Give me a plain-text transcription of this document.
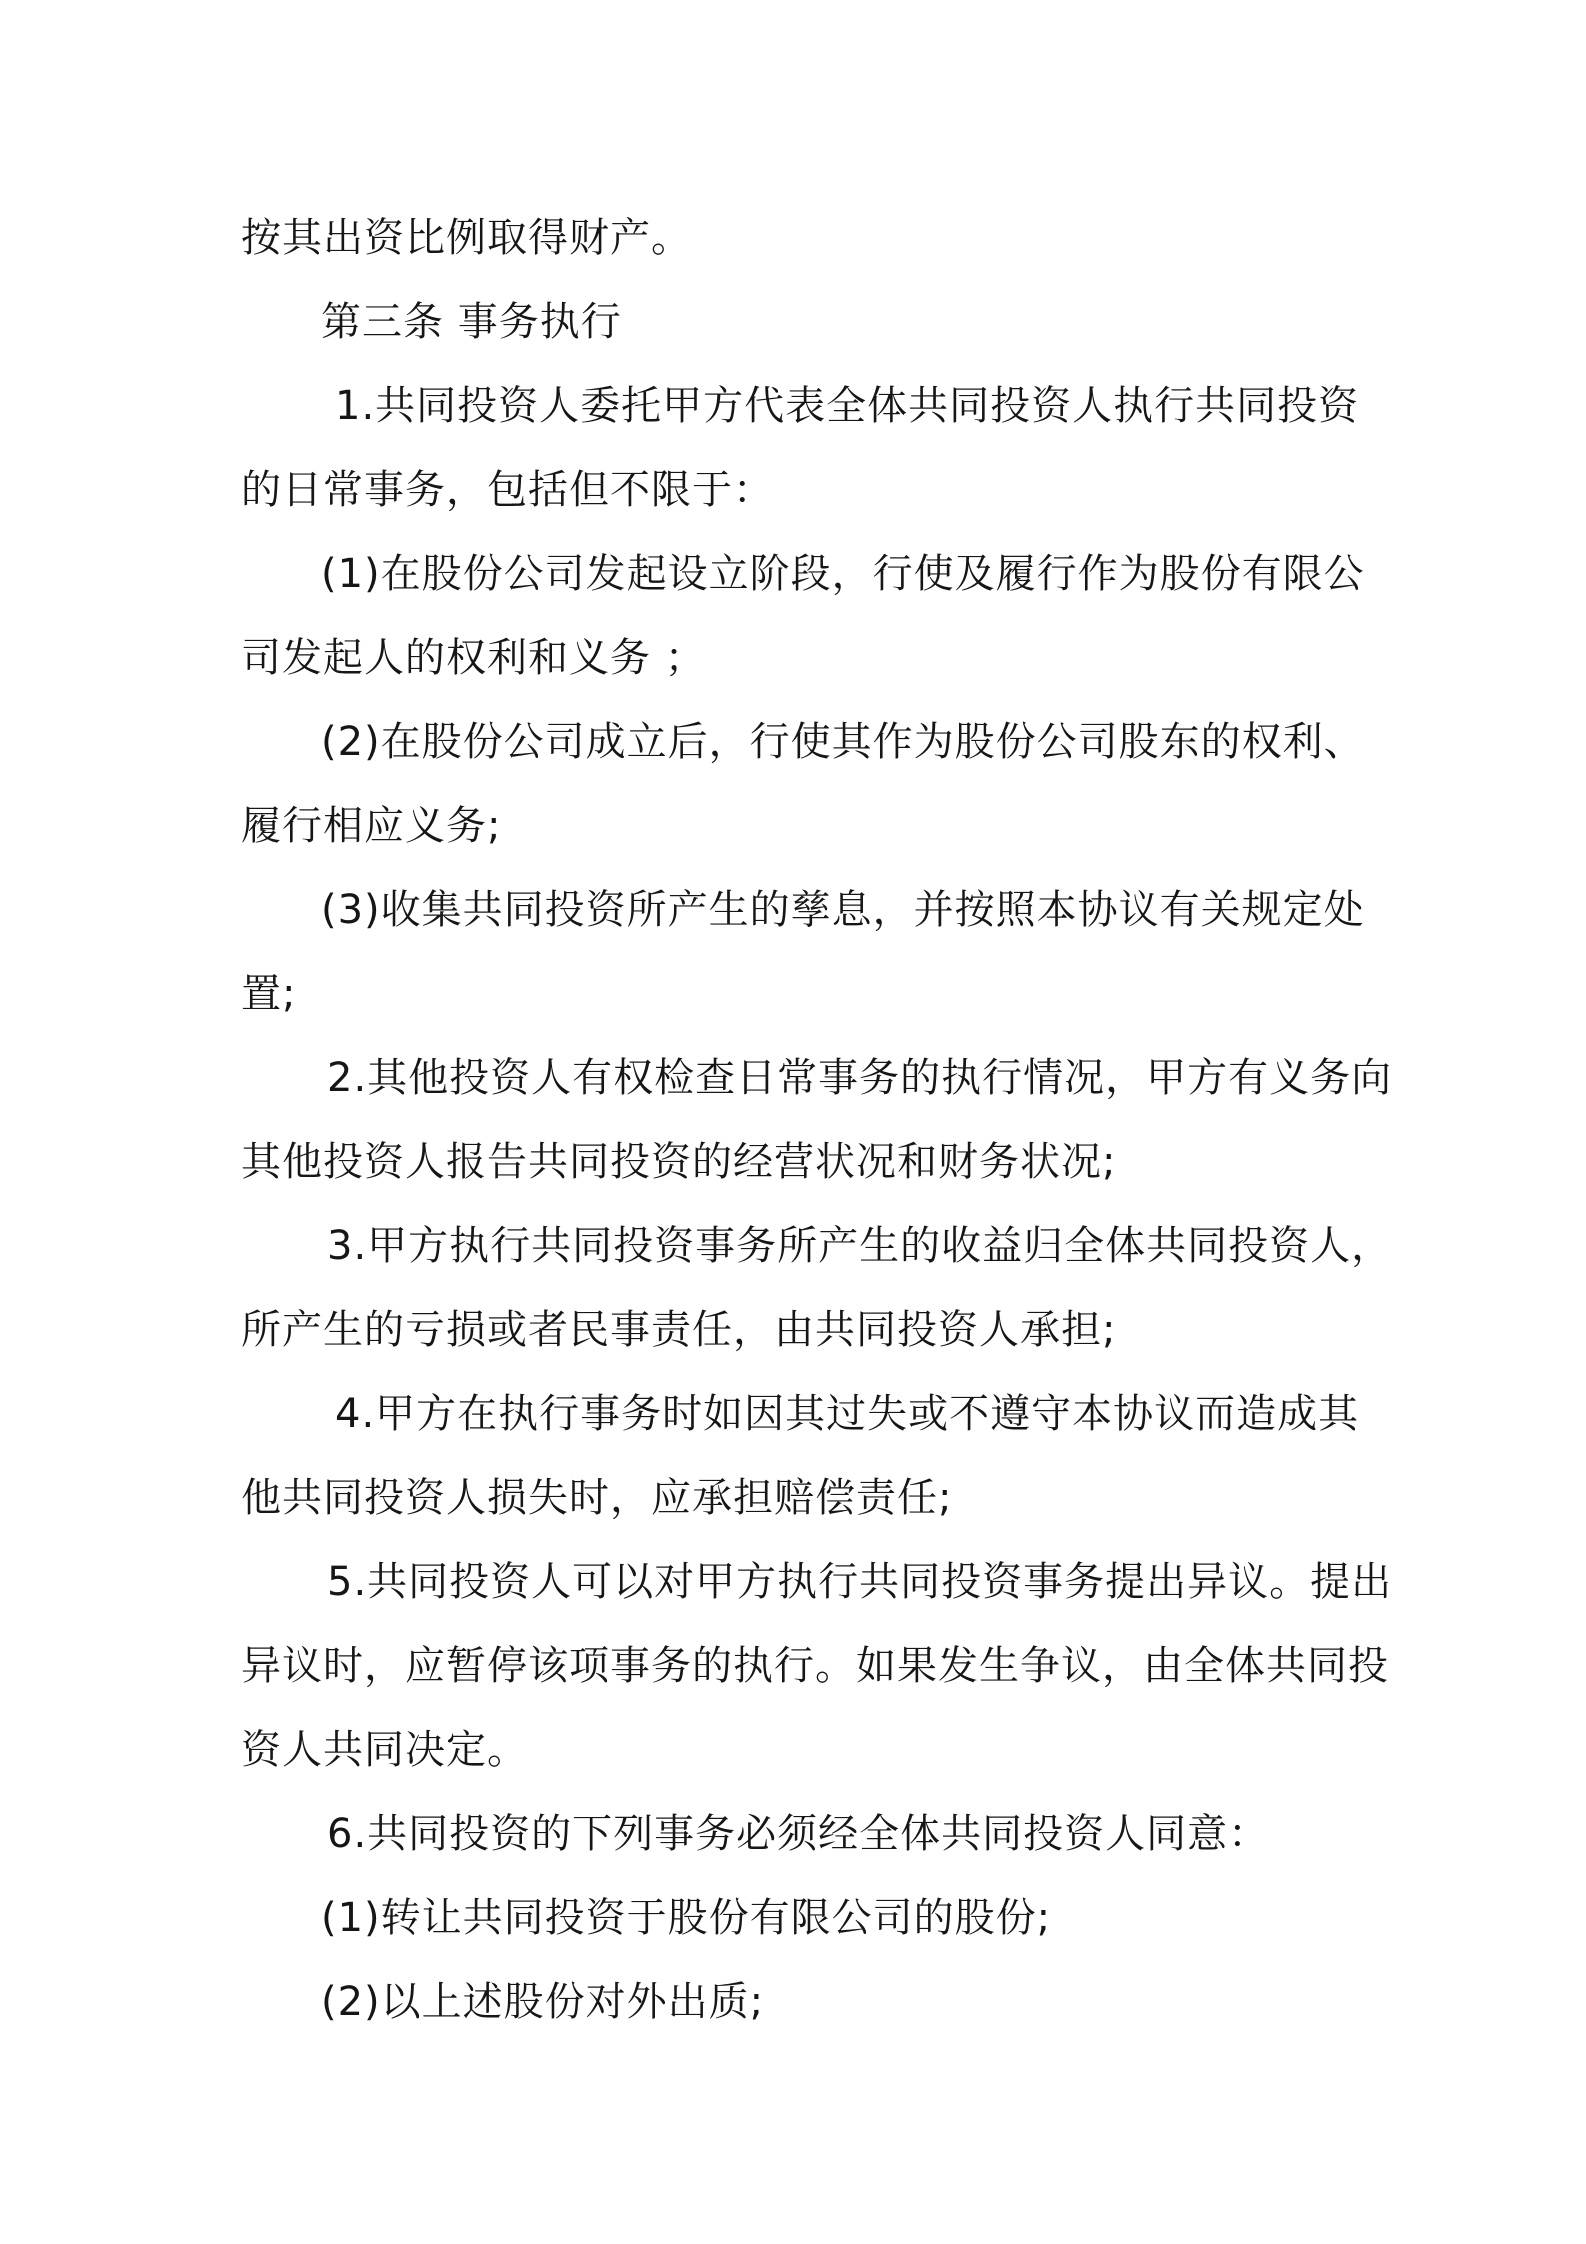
按其出资比例取得财产。

第三条 事务执行

1.共同投资人委托甲方代表全体共同投资人执行共同投资

的日常事务，包括但不限于：

(1)在股份公司发起设立阶段，行使及履行作为股份有限公

司发起人的权利和义务 ；

(2)在股份公司成立后，行使其作为股份公司股东的权利、

履行相应义务;

(3)收集共同投资所产生的孳息，并按照本协议有关规定处

置;

2.其他投资人有权检查日常事务的执行情况，甲方有义务向

其他投资人报告共同投资的经营状况和财务状况;

3.甲方执行共同投资事务所产生的收益归全体共同投资人，

所产生的亏损或者民事责任，由共同投资人承担;

4.甲方在执行事务时如因其过失或不遵守本协议而造成其

他共同投资人损失时，应承担赔偿责任;

5.共同投资人可以对甲方执行共同投资事务提出异议。提出

异议时，应暂停该项事务的执行。如果发生争议，由全体共同投

资人共同决定。

6.共同投资的下列事务必须经全体共同投资人同意：

(1)转让共同投资于股份有限公司的股份;

(2)以上述股份对外出质;
